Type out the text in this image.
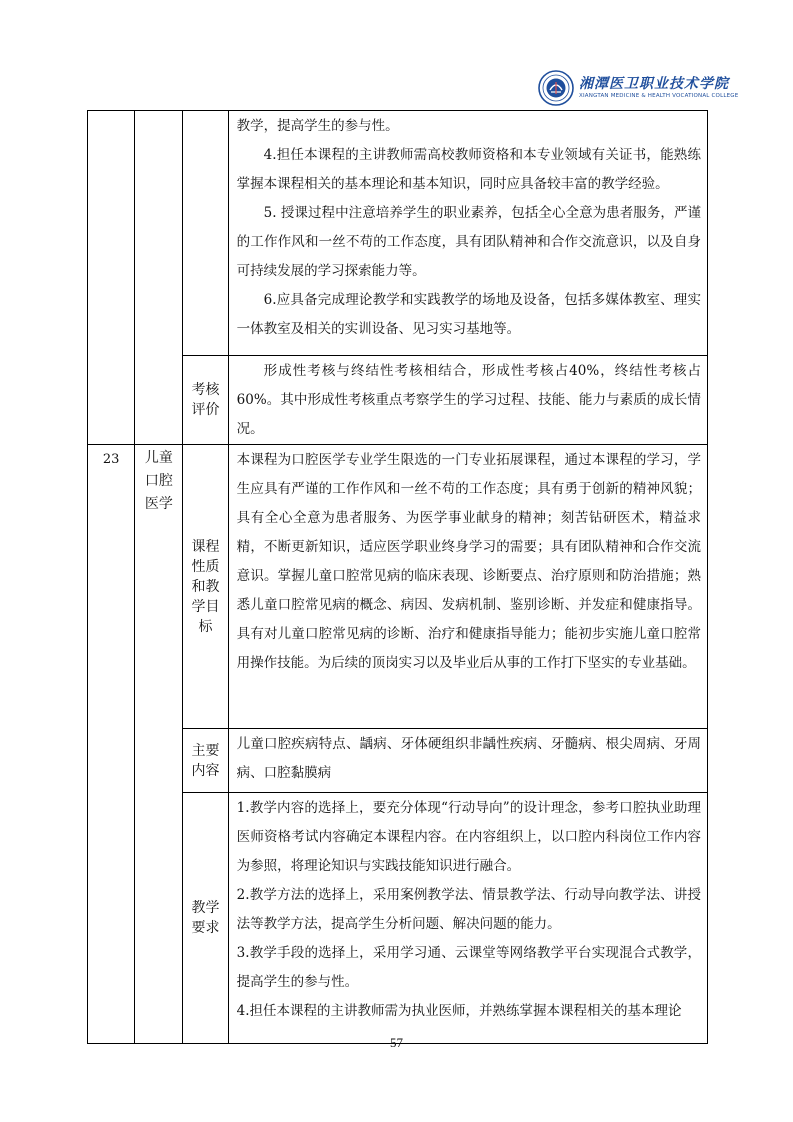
湘潭医卫职业技术学院
XIANGTAN MEDICINE & HEALTH VOCATIONAL COLLEGE

			教学，提高学生的参与性。

4.担任本课程的主讲教师需高校教师资格和本专业领域有关证书，能熟练掌握本课程相关的基本理论和基本知识，同时应具备较丰富的教学经验。

5. 授课过程中注意培养学生的职业素养，包括全心全意为患者服务，严谨的工作作风和一丝不苟的工作态度，具有团队精神和合作交流意识，以及自身可持续发展的学习探索能力等。

6.应具备完成理论教学和实践教学的场地及设备，包括多媒体教室、理实一体教室及相关的实训设备、见习实习基地等。

		考核评价	形成性考核与终结性考核相结合，形成性考核占40%，终结性考核占60%。其中形成性考核重点考察学生的学习过程、技能、能力与素质的成长情况。

23	儿童口腔医学	课程性质和教学目标	本课程为口腔医学专业学生限选的一门专业拓展课程，通过本课程的学习，学生应具有严谨的工作作风和一丝不苟的工作态度；具有勇于创新的精神风貌；具有全心全意为患者服务、为医学事业献身的精神；刻苦钻研医术，精益求精，不断更新知识，适应医学职业终身学习的需要；具有团队精神和合作交流意识。掌握儿童口腔常见病的临床表现、诊断要点、治疗原则和防治措施；熟悉儿童口腔常见病的概念、病因、发病机制、鉴别诊断、并发症和健康指导。具有对儿童口腔常见病的诊断、治疗和健康指导能力；能初步实施儿童口腔常用操作技能。为后续的顶岗实习以及毕业后从事的工作打下坚实的专业基础。

		主要内容	儿童口腔疾病特点、龋病、牙体硬组织非龋性疾病、牙髓病、根尖周病、牙周病、口腔黏膜病

		教学要求	1.教学内容的选择上，要充分体现“行动导向”的设计理念，参考口腔执业助理医师资格考试内容确定本课程内容。在内容组织上，以口腔内科岗位工作内容为参照，将理论知识与实践技能知识进行融合。

2.教学方法的选择上，采用案例教学法、情景教学法、行动导向教学法、讲授法等教学方法，提高学生分析问题、解决问题的能力。

3.教学手段的选择上，采用学习通、云课堂等网络教学平台实现混合式教学，提高学生的参与性。

4.担任本课程的主讲教师需为执业医师，并熟练掌握本课程相关的基本理论

57
